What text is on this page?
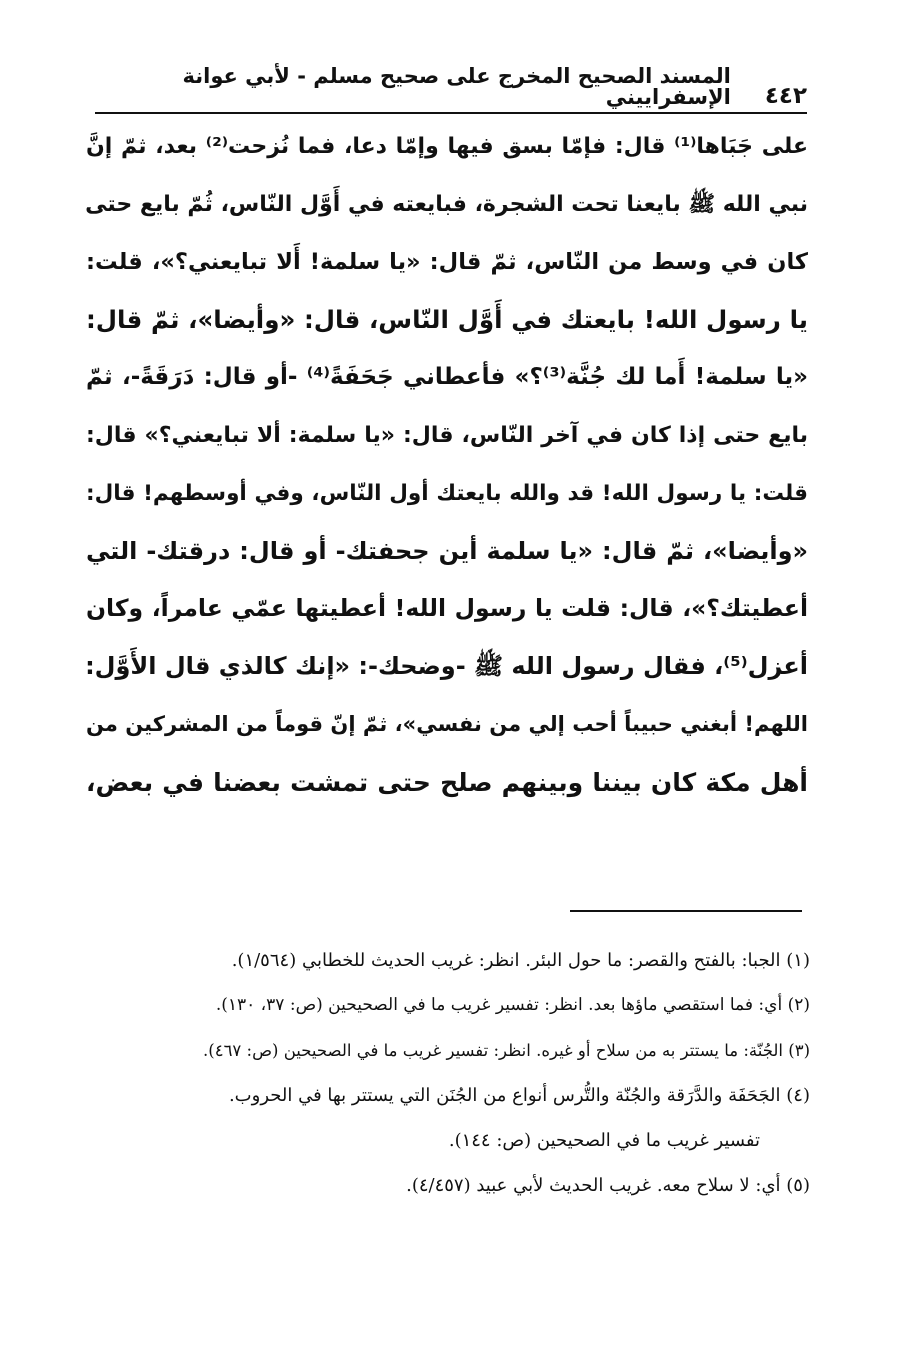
٤٤٢
المسند الصحيح المخرج على صحيح مسلم - لأبي عوانة الإسفراييني
على جَبَاها⁽¹⁾ قال: فإمّا بسق فيها وإمّا دعا، فما نُزحت⁽²⁾ بعد، ثمّ إنَّ
نبي الله ﷺ بايعنا تحت الشجرة، فبايعته في أَوَّل النّاس، ثُمّ بايع حتى
كان في وسط من النّاس، ثمّ قال: «يا سلمة! أَلا تبايعني؟»، قلت:
يا رسول الله! بايعتك في أَوَّل النّاس، قال: «وأيضا»، ثمّ قال:
«يا سلمة! أَما لك جُنَّة⁽³⁾؟» فأعطاني جَحَفَةً⁽⁴⁾ -أو قال: دَرَقَةً-، ثمّ
بايع حتى إذا كان في آخر النّاس، قال: «يا سلمة: ألا تبايعني؟» قال:
قلت: يا رسول الله! قد والله بايعتك أول النّاس، وفي أوسطهم! قال:
«وأيضا»، ثمّ قال: «يا سلمة أين جحفتك- أو قال: درقتك- التي
أعطيتك؟»، قال: قلت يا رسول الله! أعطيتها عمّي عامراً، وكان
أعزل⁽⁵⁾، فقال رسول الله ﷺ -وضحك-: «إنك كالذي قال الأَوَّل:
اللهم! أبغني حبيباً أحب إلي من نفسي»، ثمّ إنّ قوماً من المشركين من
أهل مكة كان بيننا وبينهم صلح حتى تمشت بعضنا في بعض،
(١) الجبا: بالفتح والقصر: ما حول البئر. انظر: غريب الحديث للخطابي (١/٥٦٤).
(٢) أي: فما استقصي ماؤها بعد. انظر: تفسير غريب ما في الصحيحين (ص: ٣٧، ١٣٠).
(٣) الجُنّة: ما يستتر به من سلاح أو غيره. انظر: تفسير غريب ما في الصحيحين (ص: ٤٦٧).
(٤) الجَحَفَة والدَّرَقة والجُنّة والتُّرس أنواع من الجُنَن التي يستتر بها في الحروب.
تفسير غريب ما في الصحيحين (ص: ١٤٤).
(٥) أي: لا سلاح معه. غريب الحديث لأبي عبيد (٤/٤٥٧).
